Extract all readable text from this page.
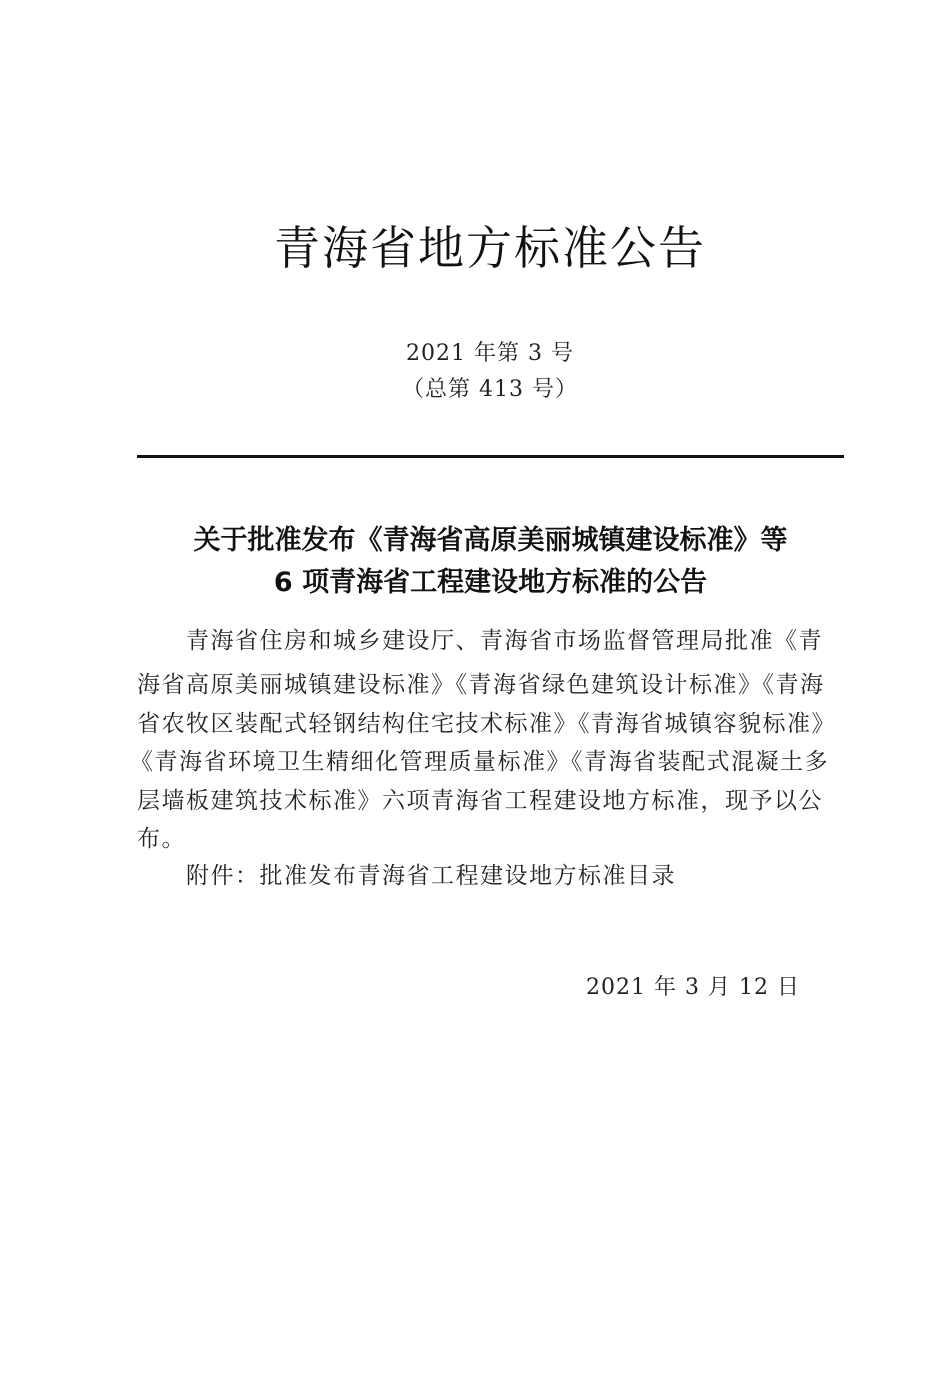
青海省地方标准公告
2021 年第 3 号
（总第 413 号）
关于批准发布《青海省高原美丽城镇建设标准》等
6 项青海省工程建设地方标准的公告
青海省住房和城乡建设厅、青海省市场监督管理局批准《青
海省高原美丽城镇建设标准》《青海省绿色建筑设计标准》《青海
省农牧区装配式轻钢结构住宅技术标准》《青海省城镇容貌标准》
《青海省环境卫生精细化管理质量标准》《青海省装配式混凝土多
层墙板建筑技术标准》六项青海省工程建设地方标准，现予以公
布。
附件：批准发布青海省工程建设地方标准目录
2021 年 3 月 12 日
